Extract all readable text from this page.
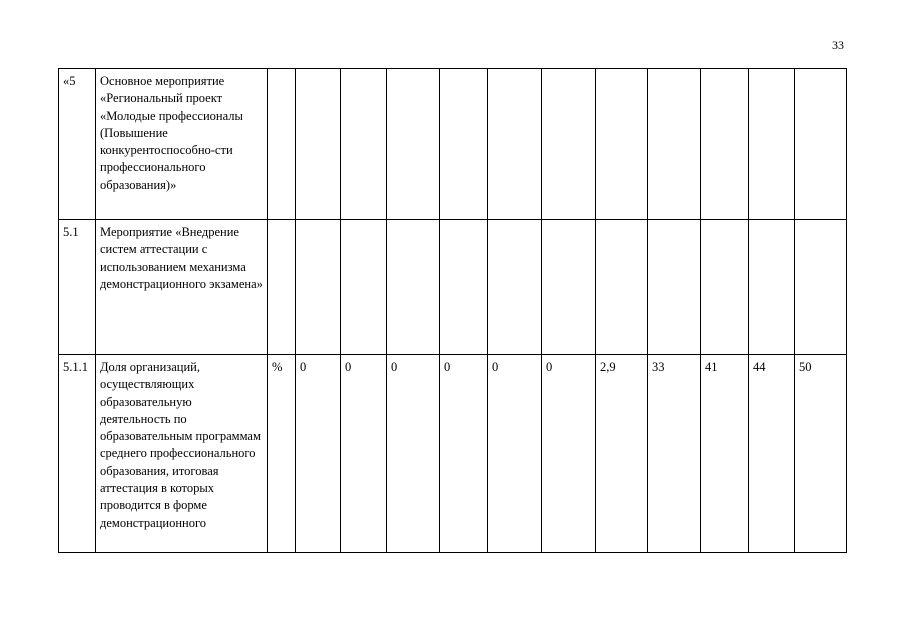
33
«5	Основное мероприятие «Региональный проект «Молодые профессионалы (Повышение конкурентоспособно-сти профессионального образования)»												
5.1	Мероприятие «Внедрение систем аттестации с использованием механизма демонстрационного экзамена»												
5.1.1	Доля организаций, осуществляющих образовательную деятельность по образовательным программам среднего профессионального образования, итоговая аттестация в которых проводится в форме демонстрационного	%	0	0	0	0	0	0	2,9	33	41	44	50
